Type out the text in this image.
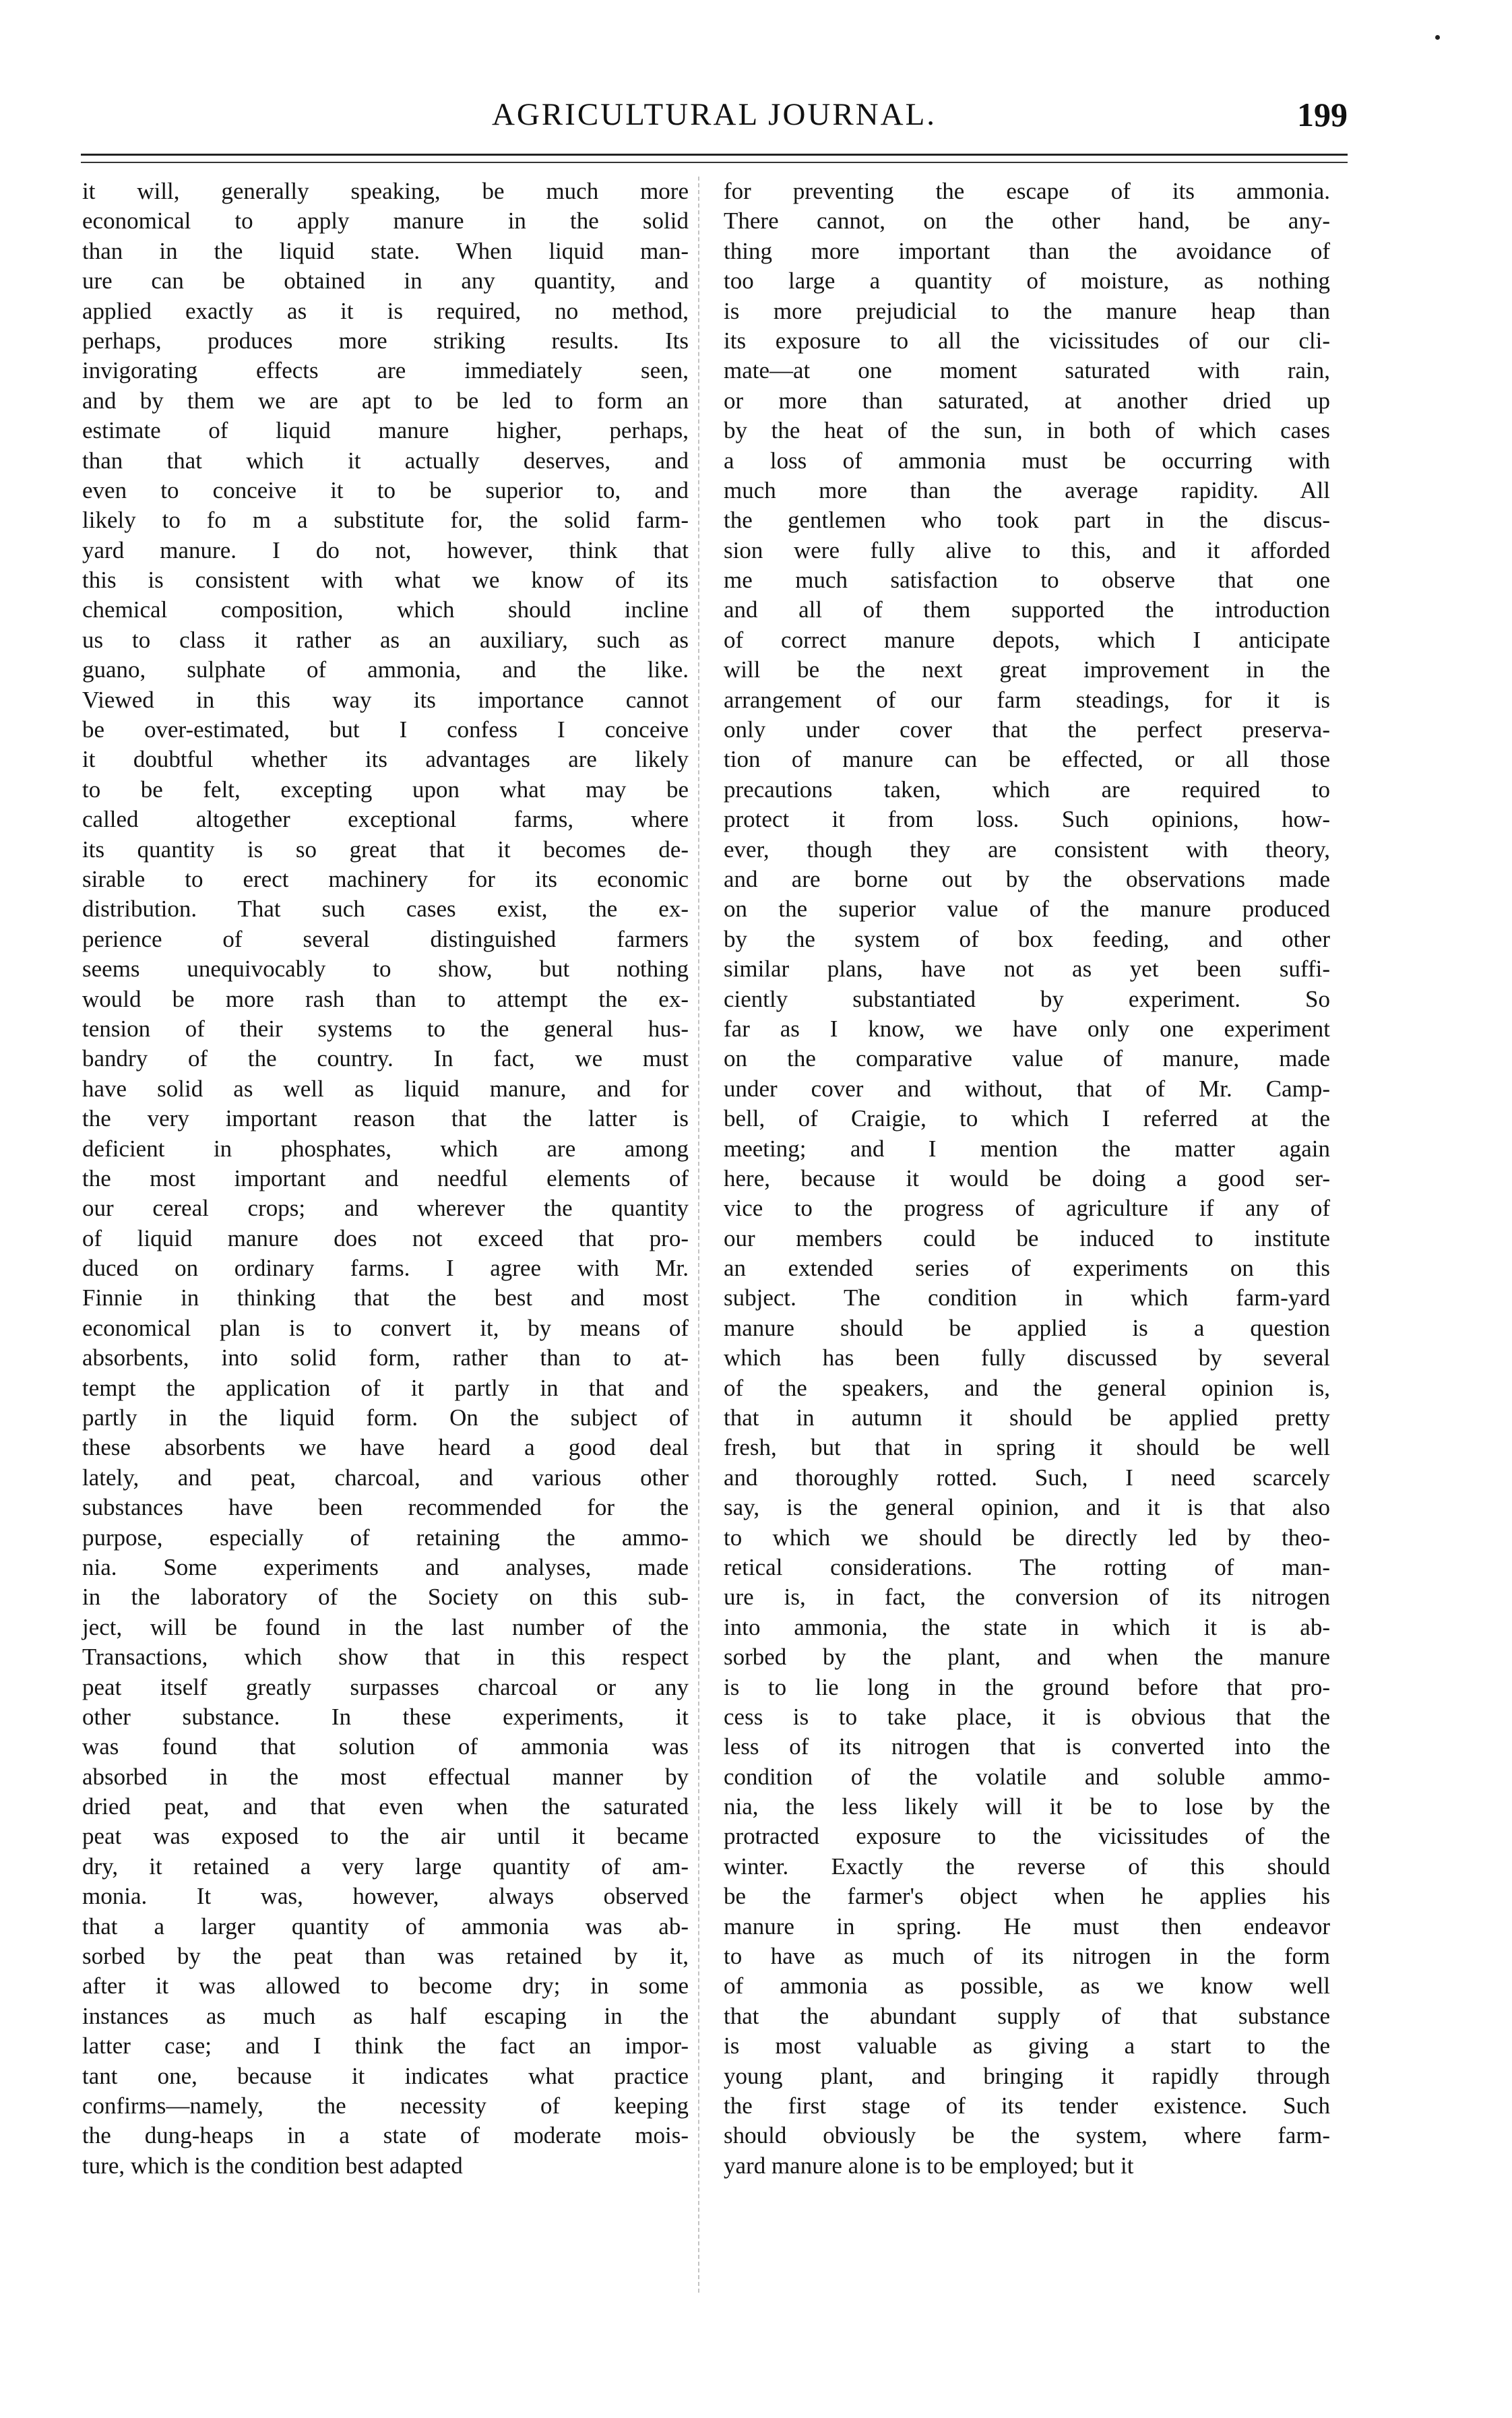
AGRICULTURAL JOURNAL.	199
it will, generally speaking, be much more
economical to apply manure in the solid
than in the liquid state. When liquid man-
ure can be obtained in any quantity, and
applied exactly as it is required, no method,
perhaps, produces more striking results. Its
invigorating effects are immediately seen,
and by them we are apt to be led to form an
estimate of liquid manure higher, perhaps,
than that which it actually deserves, and
even to conceive it to be superior to, and
likely to fo m a substitute for, the solid farm-
yard manure. I do not, however, think that
this is consistent with what we know of its
chemical composition, which should incline
us to class it rather as an auxiliary, such as
guano, sulphate of ammonia, and the like.
Viewed in this way its importance cannot
be over-estimated, but I confess I conceive
it doubtful whether its advantages are likely
to be felt, excepting upon what may be
called altogether exceptional farms, where
its quantity is so great that it becomes de-
sirable to erect machinery for its economic
distribution. That such cases exist, the ex-
perience of several distinguished farmers
seems unequivocably to show, but nothing
would be more rash than to attempt the ex-
tension of their systems to the general hus-
bandry of the country. In fact, we must
have solid as well as liquid manure, and for
the very important reason that the latter is
deficient in phosphates, which are among
the most important and needful elements of
our cereal crops; and wherever the quantity
of liquid manure does not exceed that pro-
duced on ordinary farms. I agree with Mr.
Finnie in thinking that the best and most
economical plan is to convert it, by means of
absorbents, into solid form, rather than to at-
tempt the application of it partly in that and
partly in the liquid form. On the subject of
these absorbents we have heard a good deal
lately, and peat, charcoal, and various other
substances have been recommended for the
purpose, especially of retaining the ammo-
nia. Some experiments and analyses, made
in the laboratory of the Society on this sub-
ject, will be found in the last number of the
Transactions, which show that in this respect
peat itself greatly surpasses charcoal or any
other substance. In these experiments, it
was found that solution of ammonia was
absorbed in the most effectual manner by
dried peat, and that even when the saturated
peat was exposed to the air until it became
dry, it retained a very large quantity of am-
monia. It was, however, always observed
that a larger quantity of ammonia was ab-
sorbed by the peat than was retained by it,
after it was allowed to become dry; in some
instances as much as half escaping in the
latter case; and I think the fact an impor-
tant one, because it indicates what practice
confirms—namely, the necessity of keeping
the dung-heaps in a state of moderate mois-
ture, which is the condition best adapted
for preventing the escape of its ammonia.
There cannot, on the other hand, be any-
thing more important than the avoidance of
too large a quantity of moisture, as nothing
is more prejudicial to the manure heap than
its exposure to all the vicissitudes of our cli-
mate—at one moment saturated with rain,
or more than saturated, at another dried up
by the heat of the sun, in both of which cases
a loss of ammonia must be occurring with
much more than the average rapidity. All
the gentlemen who took part in the discus-
sion were fully alive to this, and it afforded
me much satisfaction to observe that one
and all of them supported the introduction
of correct manure depots, which I anticipate
will be the next great improvement in the
arrangement of our farm steadings, for it is
only under cover that the perfect preserva-
tion of manure can be effected, or all those
precautions taken, which are required to
protect it from loss. Such opinions, how-
ever, though they are consistent with theory,
and are borne out by the observations made
on the superior value of the manure produced
by the system of box feeding, and other
similar plans, have not as yet been suffi-
ciently substantiated by experiment. So
far as I know, we have only one experiment
on the comparative value of manure, made
under cover and without, that of Mr. Camp-
bell, of Craigie, to which I referred at the
meeting; and I mention the matter again
here, because it would be doing a good ser-
vice to the progress of agriculture if any of
our members could be induced to institute
an extended series of experiments on this
subject. The condition in which farm-yard
manure should be applied is a question
which has been fully discussed by several
of the speakers, and the general opinion is,
that in autumn it should be applied pretty
fresh, but that in spring it should be well
and thoroughly rotted. Such, I need scarcely
say, is the general opinion, and it is that also
to which we should be directly led by theo-
retical considerations. The rotting of man-
ure is, in fact, the conversion of its nitrogen
into ammonia, the state in which it is ab-
sorbed by the plant, and when the manure
is to lie long in the ground before that pro-
cess is to take place, it is obvious that the
less of its nitrogen that is converted into the
condition of the volatile and soluble ammo-
nia, the less likely will it be to lose by the
protracted exposure to the vicissitudes of the
winter. Exactly the reverse of this should
be the farmer's object when he applies his
manure in spring. He must then endeavor
to have as much of its nitrogen in the form
of ammonia as possible, as we know well
that the abundant supply of that substance
is most valuable as giving a start to the
young plant, and bringing it rapidly through
the first stage of its tender existence. Such
should obviously be the system, where farm-
yard manure alone is to be employed; but it
